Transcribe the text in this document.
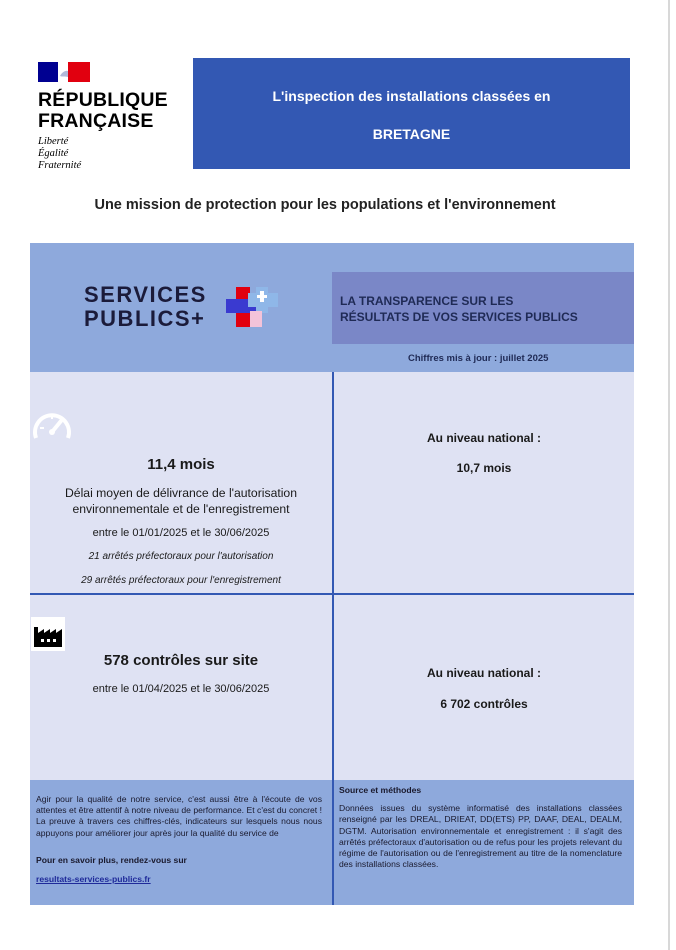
RÉPUBLIQUE
FRANÇAISE
Liberté
Égalité
Fraternité
L'inspection des installations classées en
BRETAGNE
Une mission de protection pour les populations et l'environnement
SERVICES
PUBLICS+
LA TRANSPARENCE SUR LES
RÉSULTATS DE VOS SERVICES PUBLICS
Chiffres mis à jour : juillet 2025
11,4 mois
Délai moyen de délivrance de l'autorisation environnementale et de l'enregistrement
entre le 01/01/2025 et le 30/06/2025
21 arrêtés préfectoraux pour l'autorisation
29 arrêtés préfectoraux pour l'enregistrement
Au niveau national :
10,7 mois
578 contrôles sur site
entre le 01/04/2025 et le 30/06/2025
Au niveau national :
6 702 contrôles
Agir pour la qualité de notre service, c'est aussi être à l'écoute de vos attentes et être attentif à notre niveau de performance. Et c'est du concret ! La preuve à travers ces chiffres-clés, indicateurs sur lesquels nous nous appuyons pour améliorer jour après jour la qualité du service de
Pour en savoir plus, rendez-vous sur
resultats-services-publics.fr
Source et méthodes
Données issues du système informatisé des installations classées renseigné par les DREAL, DRIEAT, DD(ETS) PP, DAAF, DEAL, DEALM, DGTM. Autorisation environnementale et enregistrement : il s'agit des arrêtés préfectoraux d'autorisation ou de refus pour les projets relevant du régime de l'autorisation ou de l'enregistrement au titre de la nomenclature des installations classées.
